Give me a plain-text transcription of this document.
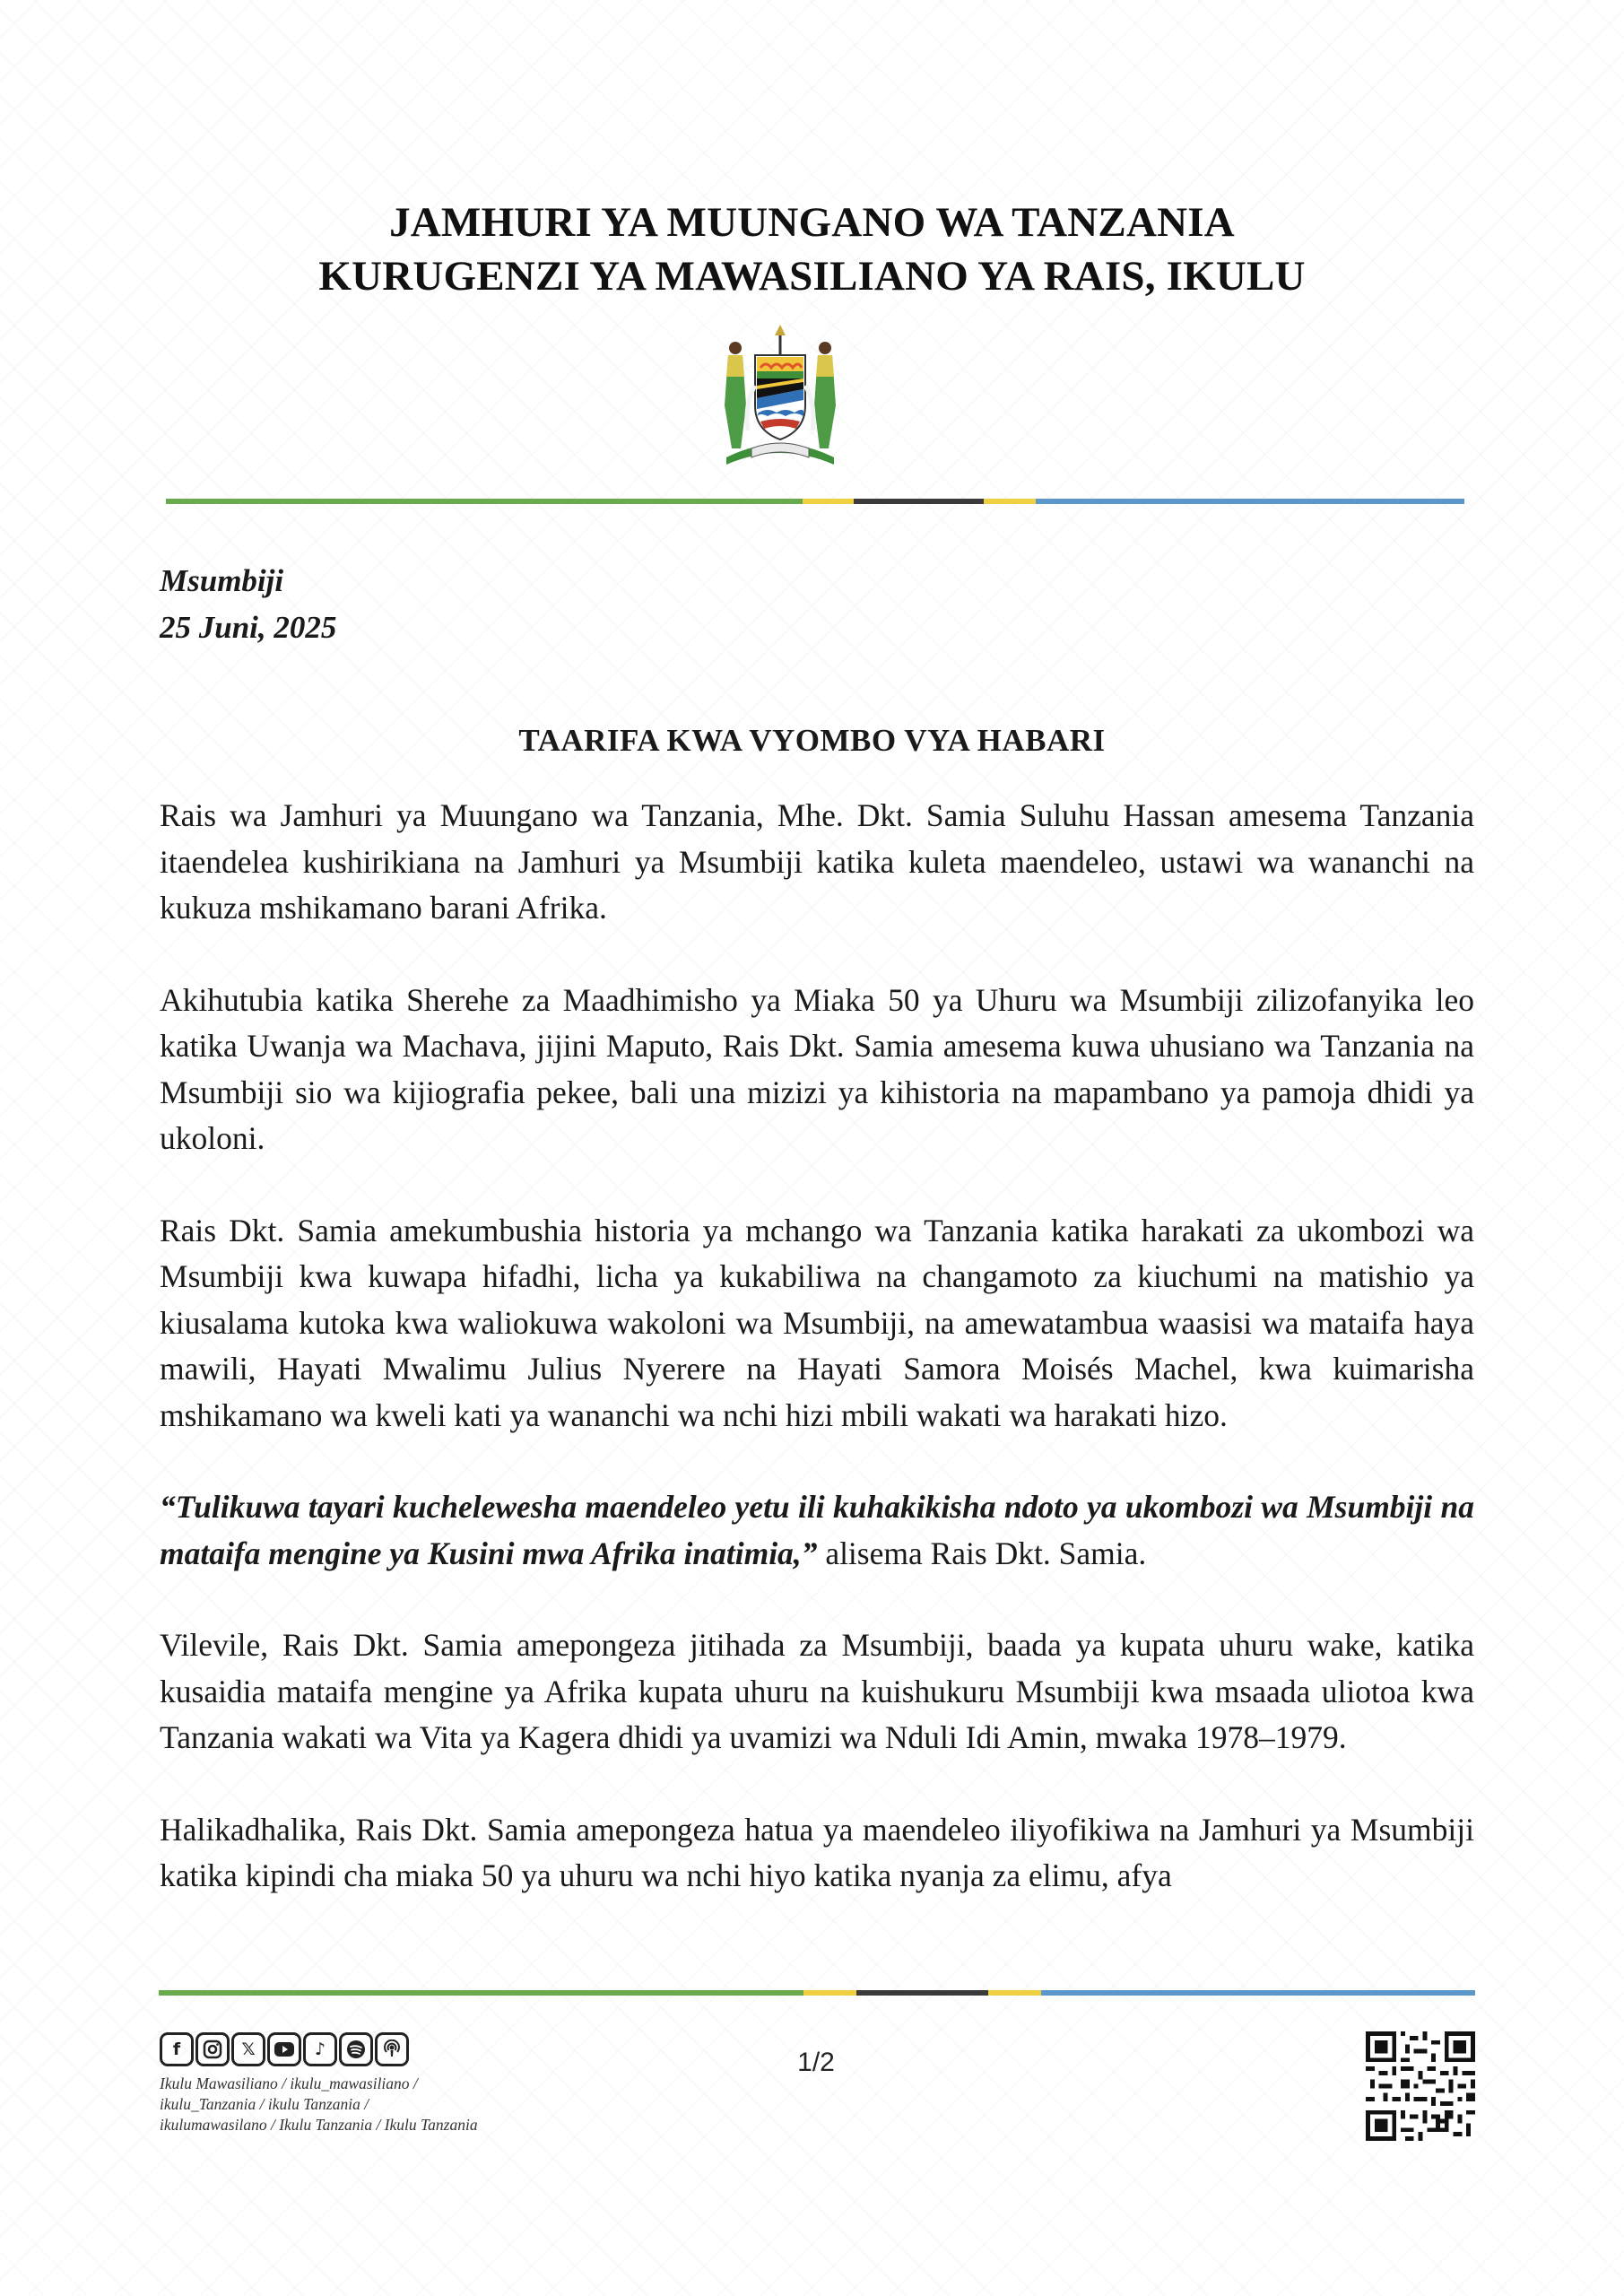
JAMHURI YA MUUNGANO WA TANZANIA
KURUGENZI YA MAWASILIANO YA RAIS, IKULU
Msumbiji
25 Juni, 2025
TAARIFA KWA VYOMBO VYA HABARI

Rais wa Jamhuri ya Muungano wa Tanzania, Mhe. Dkt. Samia Suluhu Hassan amesema Tanzania itaendelea kushirikiana na Jamhuri ya Msumbiji katika kuleta maendeleo, ustawi wa wananchi na kukuza mshikamano barani Afrika.

Akihutubia katika Sherehe za Maadhimisho ya Miaka 50 ya Uhuru wa Msumbiji zilizofanyika leo katika Uwanja wa Machava, jijini Maputo, Rais Dkt. Samia amesema kuwa uhusiano wa Tanzania na Msumbiji sio wa kijiografia pekee, bali una mizizi ya kihistoria na mapambano ya pamoja dhidi ya ukoloni.

Rais Dkt. Samia amekumbushia historia ya mchango wa Tanzania katika harakati za ukombozi wa Msumbiji kwa kuwapa hifadhi, licha ya kukabiliwa na changamoto za kiuchumi na matishio ya kiusalama kutoka kwa waliokuwa wakoloni wa Msumbiji, na amewatambua waasisi wa mataifa haya mawili, Hayati Mwalimu Julius Nyerere na Hayati Samora Moisés Machel, kwa kuimarisha mshikamano wa kweli kati ya wananchi wa nchi hizi mbili wakati wa harakati hizo.

“Tulikuwa tayari kuchelewesha maendeleo yetu ili kuhakikisha ndoto ya ukombozi wa Msumbiji na mataifa mengine ya Kusini mwa Afrika inatimia,” alisema Rais Dkt. Samia.

Vilevile, Rais Dkt. Samia amepongeza jitihada za Msumbiji, baada ya kupata uhuru wake, katika kusaidia mataifa mengine ya Afrika kupata uhuru na kuishukuru Msumbiji kwa msaada uliotoa kwa Tanzania wakati wa Vita ya Kagera dhidi ya uvamizi wa Nduli Idi Amin, mwaka 1978–1979.

Halikadhalika, Rais Dkt. Samia amepongeza hatua ya maendeleo iliyofikiwa na Jamhuri ya Msumbiji katika kipindi cha miaka 50 ya uhuru wa nchi hiyo katika nyanja za elimu, afya

f	𝕏	♪
Ikulu Mawasiliano / ikulu_mawasiliano /
ikulu_Tanzania / ikulu Tanzania /
ikulumawasilano / Ikulu Tanzania / Ikulu Tanzania
1/2
